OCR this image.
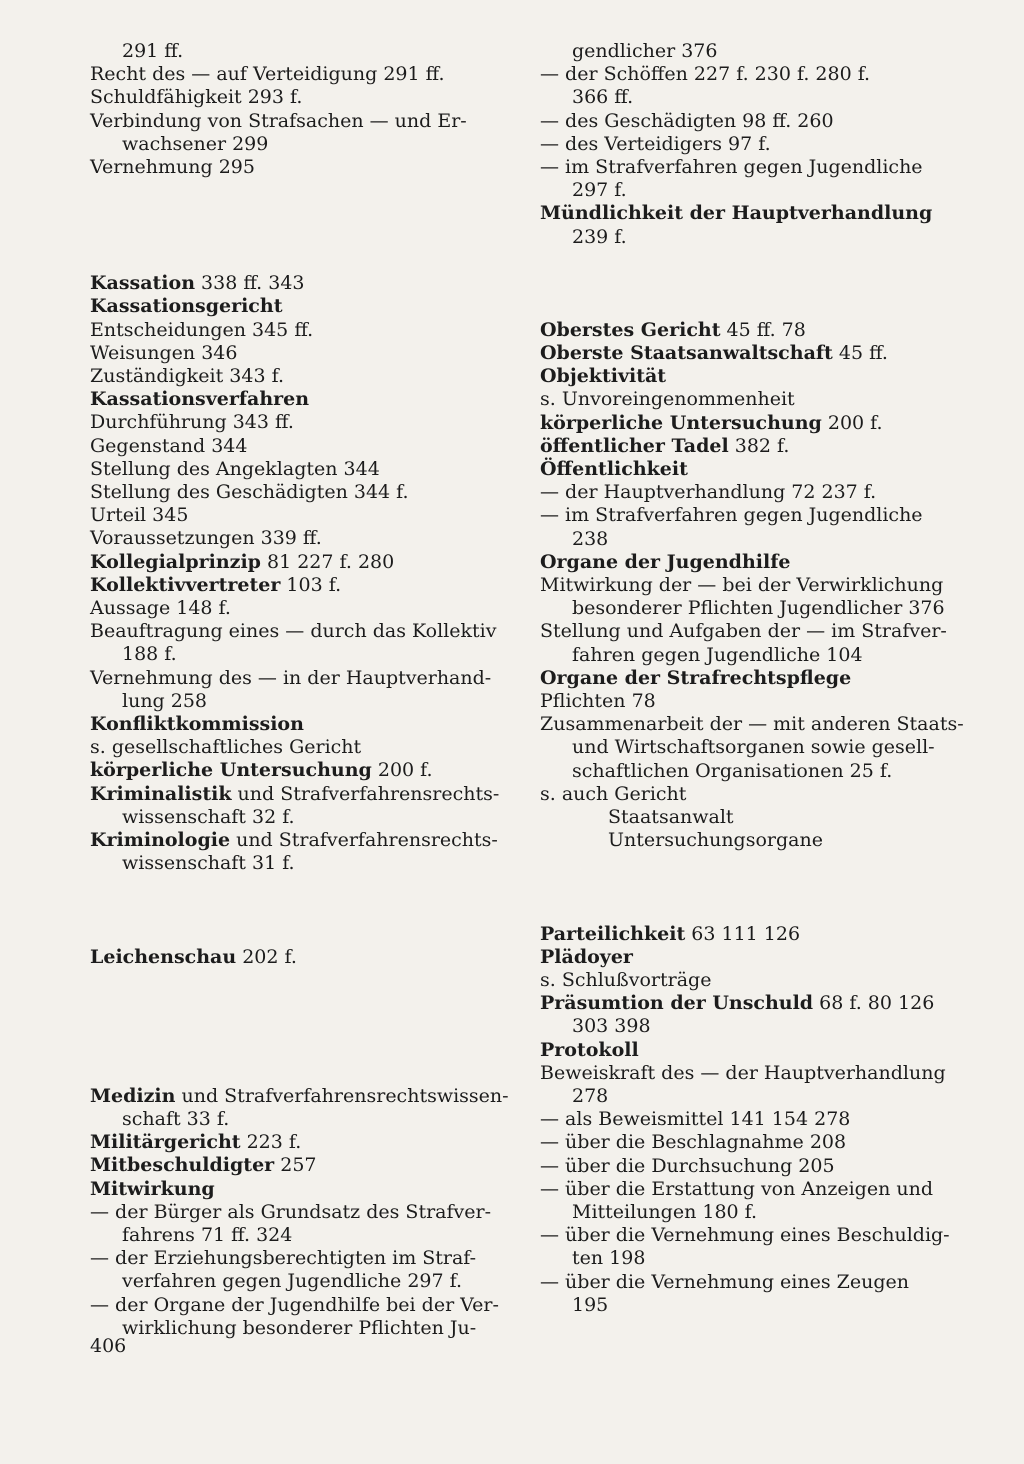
291 ff.
Recht des — auf Verteidigung 291 ff.
Schuldfähigkeit 293 f.
Verbindung von Strafsachen — und Er-
wachsener 299
Vernehmung 295
Kassation 338 ff. 343
Kassationsgericht
Entscheidungen 345 ff.
Weisungen 346
Zuständigkeit 343 f.
Kassationsverfahren
Durchführung 343 ff.
Gegenstand 344
Stellung des Angeklagten 344
Stellung des Geschädigten 344 f.
Urteil 345
Voraussetzungen 339 ff.
Kollegialprinzip 81 227 f. 280
Kollektivvertreter 103 f.
Aussage 148 f.
Beauftragung eines — durch das Kollektiv
188 f.
Vernehmung des — in der Hauptverhand-
lung 258
Konfliktkommission
s. gesellschaftliches Gericht
körperliche Untersuchung 200 f.
Kriminalistik und Strafverfahrensrechts-
wissenschaft 32 f.
Kriminologie und Strafverfahrensrechts-
wissenschaft 31 f.
Leichenschau 202 f.
Medizin und Strafverfahrensrechtswissen-
schaft 33 f.
Militärgericht 223 f.
Mitbeschuldigter 257
Mitwirkung
— der Bürger als Grundsatz des Strafver-
fahrens 71 ff. 324
— der Erziehungsberechtigten im Straf-
verfahren gegen Jugendliche 297 f.
— der Organe der Jugendhilfe bei der Ver-
wirklichung besonderer Pflichten Ju-
gendlicher 376
— der Schöffen 227 f. 230 f. 280 f.
366 ff.
— des Geschädigten 98 ff. 260
— des Verteidigers 97 f.
— im Strafverfahren gegen Jugendliche
297 f.
Mündlichkeit der Hauptverhandlung
239 f.
Oberstes Gericht 45 ff. 78
Oberste Staatsanwaltschaft 45 ff.
Objektivität
s. Unvoreingenommenheit
körperliche Untersuchung 200 f.
öffentlicher Tadel 382 f.
Öffentlichkeit
— der Hauptverhandlung 72 237 f.
— im Strafverfahren gegen Jugendliche
238
Organe der Jugendhilfe
Mitwirkung der — bei der Verwirklichung
besonderer Pflichten Jugendlicher 376
Stellung und Aufgaben der — im Strafver-
fahren gegen Jugendliche 104
Organe der Strafrechtspflege
Pflichten 78
Zusammenarbeit der — mit anderen Staats-
und Wirtschaftsorganen sowie gesell-
schaftlichen Organisationen 25 f.
s. auch Gericht
Staatsanwalt
Untersuchungsorgane
Parteilichkeit 63 111 126
Plädoyer
s. Schlußvorträge
Präsumtion der Unschuld 68 f. 80 126
303 398
Protokoll
Beweiskraft des — der Hauptverhandlung
278
— als Beweismittel 141 154 278
— über die Beschlagnahme 208
— über die Durchsuchung 205
— über die Erstattung von Anzeigen und
Mitteilungen 180 f.
— über die Vernehmung eines Beschuldig-
ten 198
— über die Vernehmung eines Zeugen
195
406
